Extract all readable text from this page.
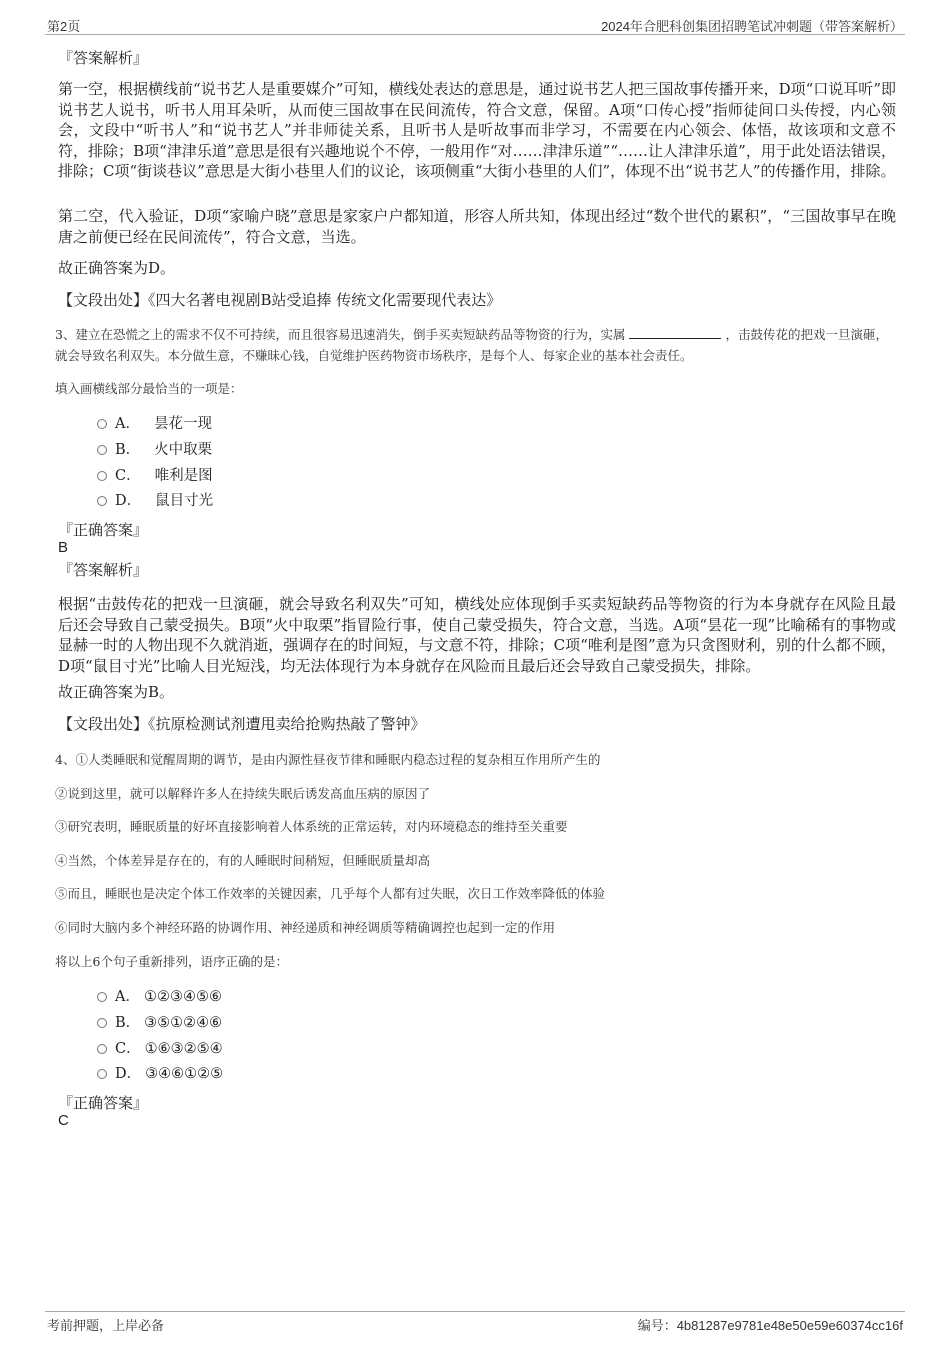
第2页	2024年合肥科创集团招聘笔试冲刺题（带答案解析）
『答案解析』
第一空，根据横线前“说书艺人是重要媒介”可知，横线处表达的意思是，通过说书艺人把三国故事传播开来，D项“口说耳听”即说书艺人说书，听书人用耳朵听，从而使三国故事在民间流传，符合文意，保留。A项“口传心授”指师徒间口头传授，内心领会，文段中“听书人”和“说书艺人”并非师徒关系，且听书人是听故事而非学习，不需要在内心领会、体悟，故该项和文意不符，排除；B项“津津乐道”意思是很有兴趣地说个不停，一般用作“对……津津乐道”“……让人津津乐道”，用于此处语法错误，排除；C项“街谈巷议”意思是大街小巷里人们的议论，该项侧重“大街小巷里的人们”，体现不出“说书艺人”的传播作用，排除。
第二空，代入验证，D项“家喻户晓”意思是家家户户都知道，形容人所共知，体现出经过“数个世代的累积”，“三国故事早在晚唐之前便已经在民间流传”，符合文意，当选。
故正确答案为D。
【文段出处】《四大名著电视剧B站受追捧 传统文化需要现代表达》
3、建立在恐慌之上的需求不仅不可持续，而且很容易迅速消失，倒手买卖短缺药品等物资的行为，实属	，击鼓传花的把戏一旦演砸，就会导致名利双失。本分做生意，不赚昧心钱，自觉维护医药物资市场秩序，是每个人、每家企业的基本社会责任。
填入画横线部分最恰当的一项是：
A． 昙花一现
B． 火中取栗
C． 唯利是图
D． 鼠目寸光
『正确答案』
B
『答案解析』
根据“击鼓传花的把戏一旦演砸，就会导致名利双失”可知，横线处应体现倒手买卖短缺药品等物资的行为本身就存在风险且最后还会导致自己蒙受损失。B项“火中取栗”指冒险行事，使自己蒙受损失，符合文意，当选。A项“昙花一现”比喻稀有的事物或显赫一时的人物出现不久就消逝，强调存在的时间短，与文意不符，排除；C项“唯利是图”意为只贪图财利，别的什么都不顾，D项“鼠目寸光”比喻人目光短浅，均无法体现行为本身就存在风险而且最后还会导致自己蒙受损失，排除。
故正确答案为B。
【文段出处】《抗原检测试剂遭甩卖给抢购热敲了警钟》
4、①人类睡眠和觉醒周期的调节，是由内源性昼夜节律和睡眠内稳态过程的复杂相互作用所产生的
②说到这里，就可以解释许多人在持续失眠后诱发高血压病的原因了
③研究表明，睡眠质量的好坏直接影响着人体系统的正常运转，对内环境稳态的维持至关重要
④当然，个体差异是存在的，有的人睡眠时间稍短，但睡眠质量却高
⑤而且，睡眠也是决定个体工作效率的关键因素，几乎每个人都有过失眠，次日工作效率降低的体验
⑥同时大脑内多个神经环路的协调作用、神经递质和神经调质等精确调控也起到一定的作用
将以上6个句子重新排列，语序正确的是：
A． ①②③④⑤⑥
B． ③⑤①②④⑥
C． ①⑥③②⑤④
D． ③④⑥①②⑤
『正确答案』
C
考前押题，上岸必备	编号：4b81287e9781e48e50e59e60374cc16f
